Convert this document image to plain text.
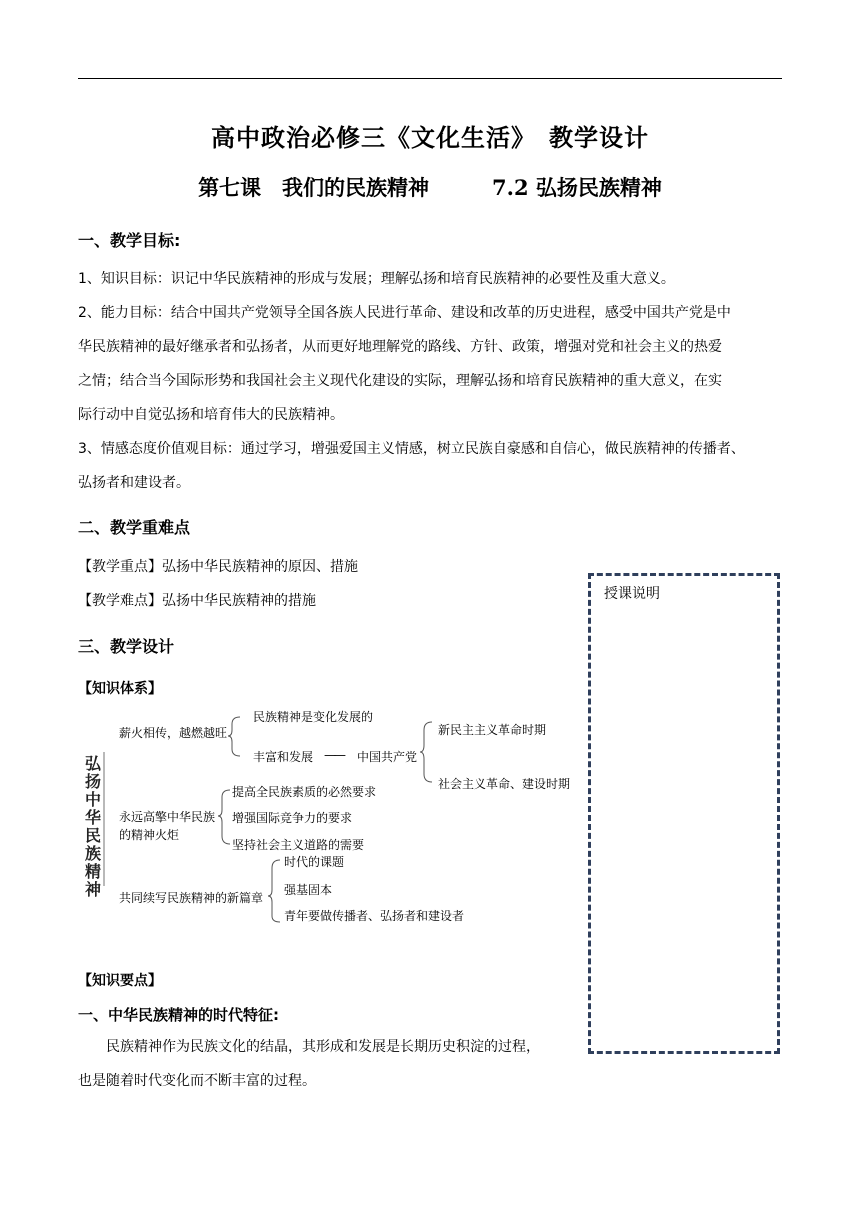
高中政治必修三《文化生活》　教学设计
第七课　我们的民族精神　　　7.2 弘扬民族精神
一、教学目标:
1、知识目标：识记中华民族精神的形成与发展；理解弘扬和培育民族精神的必要性及重大意义。
2、能力目标：结合中国共产党领导全国各族人民进行革命、建设和改革的历史进程，感受中国共产党是中
华民族精神的最好继承者和弘扬者，从而更好地理解党的路线、方针、政策，增强对党和社会主义的热爱
之情；结合当今国际形势和我国社会主义现代化建设的实际，理解弘扬和培育民族精神的重大意义，在实
际行动中自觉弘扬和培育伟大的民族精神。
3、情感态度价值观目标：通过学习，增强爱国主义情感，树立民族自豪感和自信心，做民族精神的传播者、
弘扬者和建设者。
二、教学重难点
【教学重点】弘扬中华民族精神的原因、措施
【教学难点】弘扬中华民族精神的措施
三、教学设计
【知识体系】
弘
扬
中
华
民
族
精
神
薪火相传，越燃越旺
民族精神是变化发展的
丰富和发展 —— 中国共产党
新民主主义革命时期
社会主义革命、建设时期
永远高擎中华民族
的精神火炬
提高全民族素质的必然要求
增强国际竞争力的要求
坚持社会主义道路的需要
共同续写民族精神的新篇章
时代的课题
强基固本
青年要做传播者、弘扬者和建设者
【知识要点】
一、中华民族精神的时代特征:
　　民族精神作为民族文化的结晶，其形成和发展是长期历史积淀的过程，
也是随着时代变化而不断丰富的过程。
授课说明
